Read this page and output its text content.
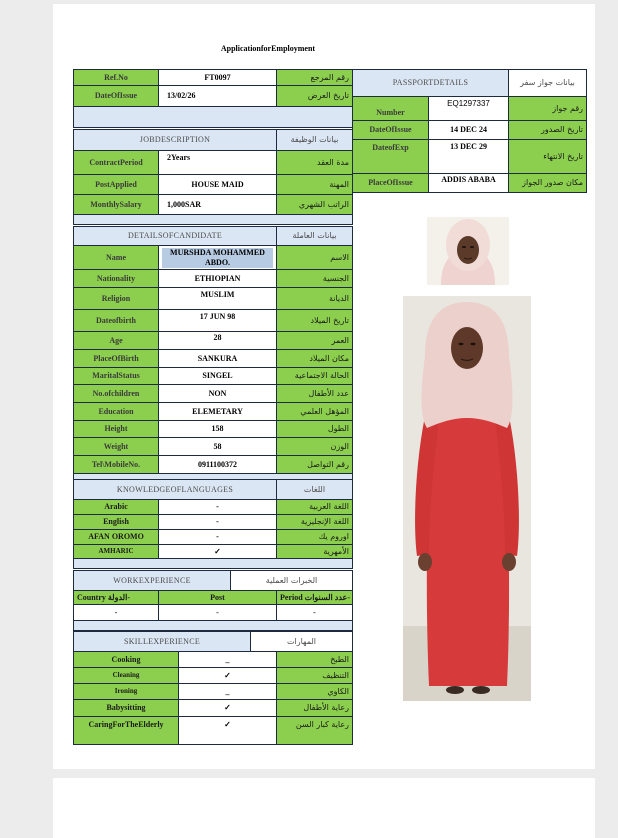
ApplicationforEmployment
Ref.No	FT0097	رقم المرجع
DateOfIssue	13/02/26	تاريخ العرض

JOBDESCRIPTION		بيانات الوظيفة
ContractPeriod	2Years	مدة العقد
PostApplied	HOUSE MAID	المهنة
MonthlySalary	1,000SAR	الراتب الشهري

PASSPORTDETAILS		بيانات جواز سفر
Number	EQ1297337	رقم جواز
DateOfIssue	14 DEC 24	تاريخ الصدور
DateofExp	13 DEC 29	تاريخ الانتهاء
PlaceOfIssue	ADDIS ABABA	مكان صدور الجواز
DETAILSOFCANDIDATE		بيانات العاملة
Name	MURSHDA MOHAMMED ABDO.	الاسم
Nationality	ETHIOPIAN	الجنسية
Religion	MUSLIM	الديانة
Dateofbirth	17 JUN 98	تاريخ الميلاد
Age	28	العمر
PlaceOfBirth	SANKURA	مكان الميلاد
MaritalStatus	SINGEL	الحالة الاجتماعية
No.ofchildren	NON	عدد الأطفال
Education	ELEMETARY	المؤهل العلمي
Height	158	الطول
Weight	58	الوزن
Tel\MobileNo.	0911100372	رقم التواصل

KNOWLEDGEOFLANGUAGES		اللغات
Arabic	-	اللغة العربية
English	-	اللغة الإنجليزية
AFAN OROMO	-	اوروم يك
AMHARIC	✓	الأمهرية

WORKEXPERIENCE		الخبرات العملية	
Country الدولة-	Post		Period عدد السنوات-
-	-		-

SKILLEXPERIENCE		المهارات	
Cooking	_		الطبخ
Cleaning	✓		التنظيف
Ironing	_		الكاوي
Babysitting	✓		رعاية الأطفال
CaringForTheElderly	✓		رعاية كبار السن
